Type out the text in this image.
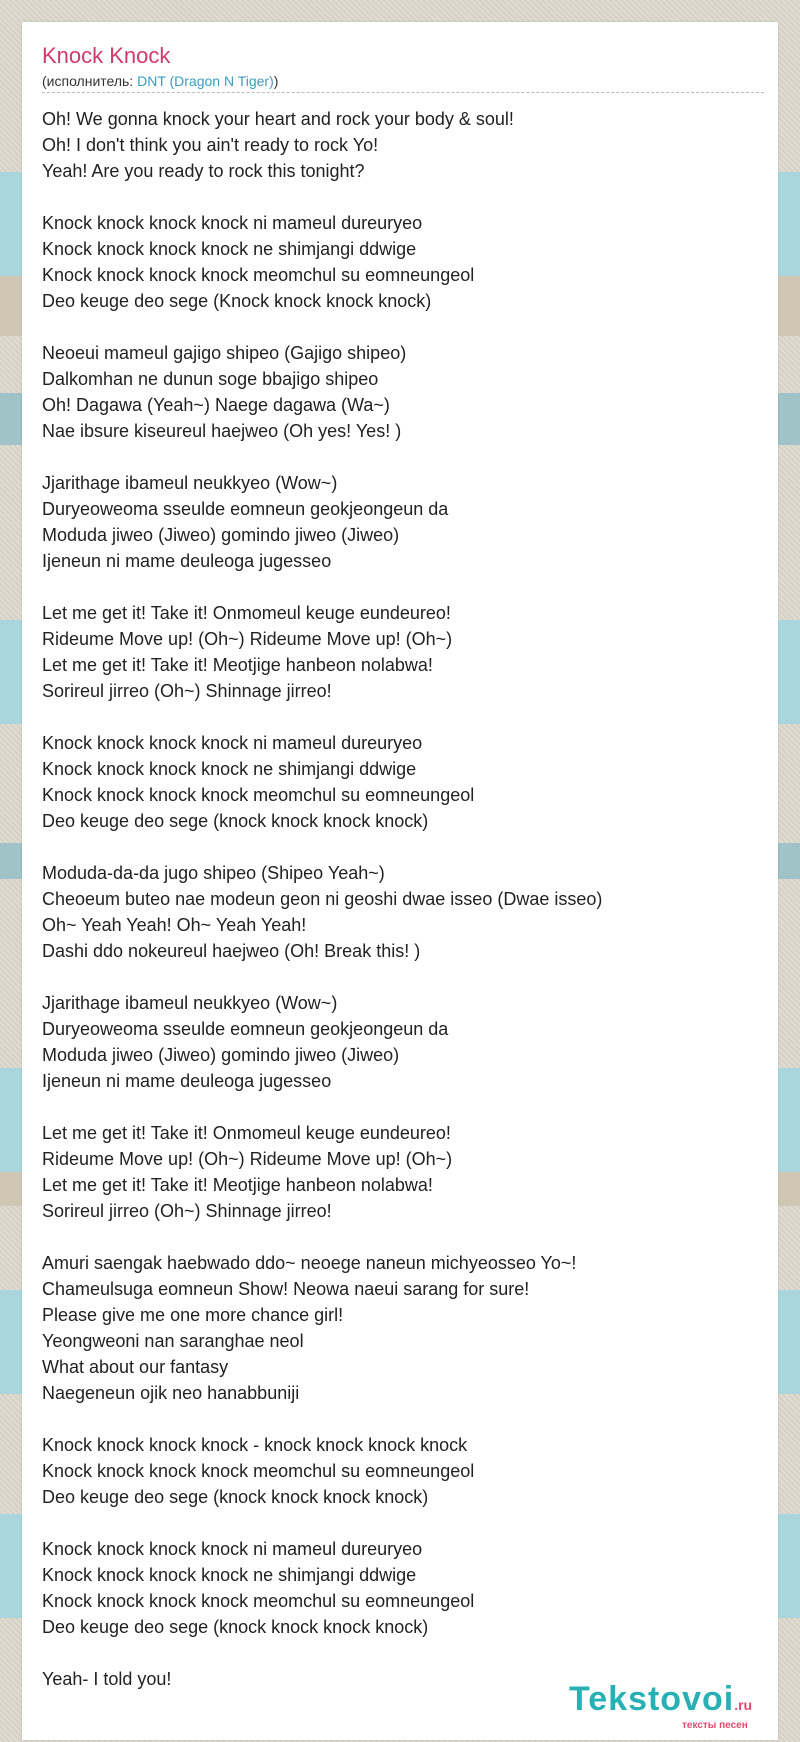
Knock Knock
(исполнитель: DNT (Dragon N Tiger))
Oh! We gonna knock your heart and rock your body & soul!
Oh! I don't think you ain't ready to rock Yo!
Yeah! Are you ready to rock this tonight?
Knock knock knock knock ni mameul dureuryeo
Knock knock knock knock ne shimjangi ddwige
Knock knock knock knock meomchul su eomneungeol
Deo keuge deo sege (Knock knock knock knock)
Neoeui mameul gajigo shipeo (Gajigo shipeo)
Dalkomhan ne dunun soge bbajigo shipeo
Oh! Dagawa (Yeah~) Naege dagawa (Wa~)
Nae ibsure kiseureul haejweo (Oh yes! Yes! )
Jjarithage ibameul neukkyeo (Wow~)
Duryeoweoma sseulde eomneun geokjeongeun da
Moduda jiweo (Jiweo) gomindo jiweo (Jiweo)
Ijeneun ni mame deuleoga jugesseo
Let me get it! Take it! Onmomeul keuge eundeureo!
Rideume Move up! (Oh~) Rideume Move up! (Oh~)
Let me get it! Take it! Meotjige hanbeon nolabwa!
Sorireul jirreo (Oh~) Shinnage jirreo!
Knock knock knock knock ni mameul dureuryeo
Knock knock knock knock ne shimjangi ddwige
Knock knock knock knock meomchul su eomneungeol
Deo keuge deo sege (knock knock knock knock)
Moduda-da-da jugo shipeo (Shipeo Yeah~)
Cheoeum buteo nae modeun geon ni geoshi dwae isseo (Dwae isseo)
Oh~ Yeah Yeah! Oh~ Yeah Yeah!
Dashi ddo nokeureul haejweo (Oh! Break this! )
Jjarithage ibameul neukkyeo (Wow~)
Duryeoweoma sseulde eomneun geokjeongeun da
Moduda jiweo (Jiweo) gomindo jiweo (Jiweo)
Ijeneun ni mame deuleoga jugesseo
Let me get it! Take it! Onmomeul keuge eundeureo!
Rideume Move up! (Oh~) Rideume Move up! (Oh~)
Let me get it! Take it! Meotjige hanbeon nolabwa!
Sorireul jirreo (Oh~) Shinnage jirreo!
Amuri saengak haebwado ddo~ neoege naneun michyeosseo Yo~!
Chameulsuga eomneun Show! Neowa naeui sarang for sure!
Please give me one more chance girl!
Yeongweoni nan saranghae neol
What about our fantasy
Naegeneun ojik neo hanabbuniji
Knock knock knock knock - knock knock knock knock
Knock knock knock knock meomchul su eomneungeol
Deo keuge deo sege (knock knock knock knock)
Knock knock knock knock ni mameul dureuryeo
Knock knock knock knock ne shimjangi ddwige
Knock knock knock knock meomchul su eomneungeol
Deo keuge deo sege (knock knock knock knock)
Yeah- I told you!
Tekstovoi.ru
тексты песен
